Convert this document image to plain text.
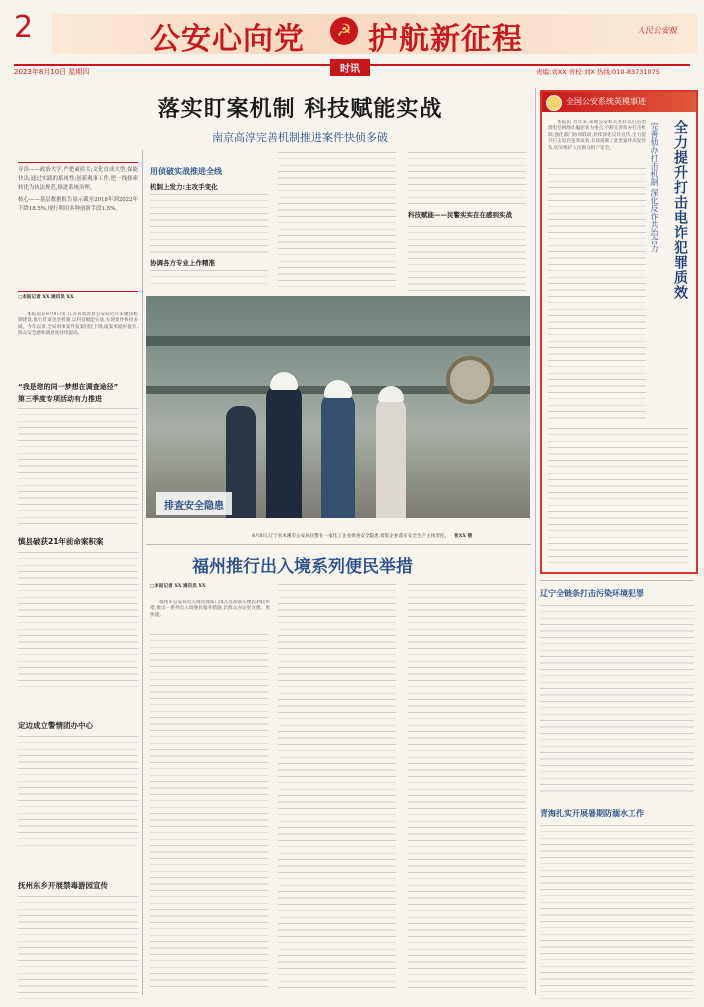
2	公安心向党	☭ 护航新征程	人民公安报
2023年8月10日 星期四	时讯	责编:刘XX 责校:刘X 热线:010-83731075
落实盯案机制 科技赋能实战
南京高淳完善机制推进案件快侦多破
导读——政治大学,严把素质关;文化育成大型,保能快出;通过实践的系统性;创新观事工作,把一线探索转化为执法规范,推进系统治理。
核心——基层数据报告显示截至2018年到2022年下降18.5%,现行利用多种创新手段1.5%。
□本报记者 XX 通讯员 XX

本报南京8月9日电 江苏省高淳县公安局近年来聚焦机制建设,推行盯案攻坚机制,以科技赋能实战,实现案件快侦多破。今年以来,全局刑事案件发案同比下降,破案率稳步提升,群众安全感和满意度持续提高。

用侦破实战推进全线
机制上发力:主攻手变化
协调各方专业上作精准
科技赋能——民警实实在在感到实战
排查安全隐患
8月8日,辽宁省本溪市公安局民警在一家化工企业排查安全隐患,督促企业落实安全生产主体责任。 张XX 摄
“我是您的同一梦想在调查途径”
第三季度专项活动有力推进
慎县破获21年前命案积案
定边成立警情团办中心
抚州东乡开展禁毒游园宣传
福州推行出入境系列便民举措
□本报记者 XX 通讯员 XX

福州市公安局出入境管理部门深入贯彻落实便民利民举措,推出一系列出入境便民服务措施,让群众办证更方便、更快捷。

全国公安系统英模事迹
全力提升打击电诈犯罪质效
完善侦办打击机制 深化反诈共治合力

本报讯 近年来,某地公安机关坚持以打击治理电信网络诈骗犯罪为重点,不断完善侦办打击机制,强化部门协同联动,持续深化反诈宣传,全力提升打击电诈犯罪质效,有效遏制了此类案件高发势头,切实维护人民群众财产安全。

辽宁全链条打击污染环境犯罪
青海扎实开展暑期防溺水工作
